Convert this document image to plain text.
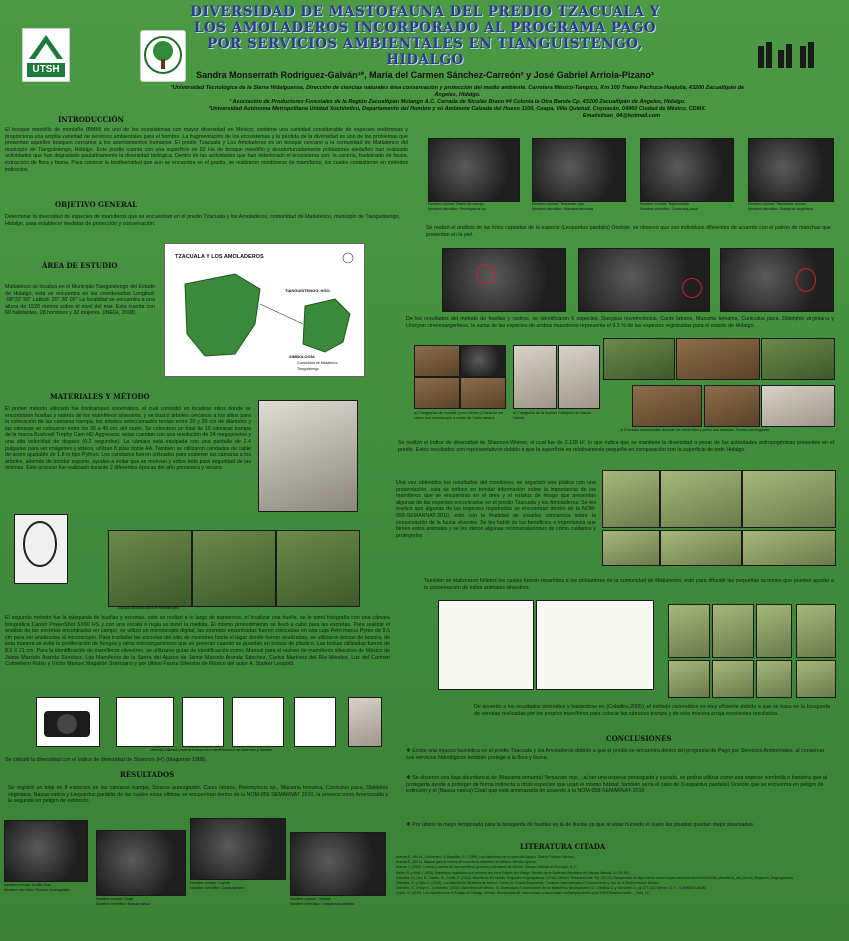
UTSH
DIVERSIDAD DE MASTOFAUNA DEL PREDIO TZACUALA Y LOS AMOLADEROS INCORPORADO AL PROGRAMA PAGO POR SERVICIOS AMBIENTALES EN TIANGUISTENGO, HIDALGO
Sandra Monserrath Rodríguez-Galván¹*, María del Carmen Sánchez-Carreón² y José Gabriel Arriola-Pizano³
¹Universidad Tecnológica de la Sierra Hidalguense, Dirección de ciencias naturales área conservación y protección del medio ambiente. Carretera México-Tampico, Km 100 Tramo Pachuca-Huejutla, 43200 Zacualtipán de Ángeles, Hidalgo.
² Asociación de Productores Forestales de la Región Zacualtipán Molango A.C. Cerrada de Nicolás Bravo #4 Colonia la Otra Banda Cp. 43200 Zacualtipán de Ángeles, Hidalgo.
³Universidad Autónoma Metropolitana Unidad Xochimilco, Departamento del Hombre y su Ambiente Calzada del Hueso 1100, Coapa, Villa Quietud, Coyoacán, 04960 Ciudad de México, CDMX.
Emailsilsan_04@hotmail.com
INTRODUCCIÓN
El bosque mesófilo de montaña (BMM) es uno de los ecosistemas con mayor diversidad en México; contiene una cantidad considerable de especies endémicas y proporciona una amplia variedad de servicios ambientales para el hombre. La fragmentación de los ecosistemas y la pérdida de la diversidad es uno de los problemas que presentan aquellos bosques cercanos a los asentamientos humanos. El predio Tzacuala y Los Amoladeros es un bosque cercano a la comunidad de Matlatenco del municipio de Tianguistengo, Hidalgo. Este predio cuenta con una superficie de 82 Ha de bosque mesófilo y desafortunadamente pobladores aledaños han realizado actividades que han degradado paulatinamente la diversidad biológica. Dentro de las actividades que han deteriorado el ecosistema son: la cacería, tradeinado de fauna, extracción de flora y fauna. Para conocer la biodiversidad que aun se encuentra en el predio, se realizaron monitoreos de mamíferos, los cuales consistieron en métodos indirectos.
Nombre común: Ratón de campo
Nombre científico: Peromyscus sp.
Nombre común: Temazate rojo
Nombre científico: Mazama temama
Nombre común: Tepezcuintle
Nombre científico: Cuniculus paca
Nombre común: Tlacuache común
Nombre científico: Didelphis virginiana
OBJETIVO GENERAL
Determinar la diversidad de especies de mamíferos que se encuentran en el predio Tzacuala y los Amoladeros, comunidad de Matlatenco, municipio de Tianguistengo, Hidalgo, para establecer medidas de protección y conservación.
Se realizó el análisis de las fotos captadas de la especie (Leopardus pardalis) Ocelote, se observó que son individuos diferentes de acuerdo con el patrón de manchas que presentan en la piel.
ÁREA DE ESTUDIO
Matlatenco se localiza en el Municipio Tianguistengo del Estado de Hidalgo, esta se encuentra en las coordenadas Longitud: -98°32' 50" Latitud: 20° 38' 00" La localidad se encuentra a una altura de 1520 metros sobre el nivel del mar. Esta cuenta con 60 habitantes, 28 hombres y 32 mujeres. (INEGI, 2008)
TZACUALA Y LOS AMOLADEROS
TIANGUISTENGO, HGO.
SIMBOLOGÍA
Comunidad de Matlatenco
Tianguistengo
De los resultados del método de huellas y rastros, se identificaron 6 especies. Dasypus novemcinctus, Canis latrans, Mazama temama, Cuniculus paca, Didelphis virginiana y Urocyon cinereoargenteus, la suma de las especies de ambos muestreos representa el 9.5 % de las especies registradas para el estado de Hidalgo.
a) Fotografías de excreta y pelo dentro y fuera de ser vistos con microscopio a mano de Canis latrans
b) Fotografía de la huellas Didelphis de Nasua Narica
c) Excretas encontradas durante los recorridos y pelos con caracas, Sciurus aureogaster.
Se realizó el índice de diversidad de Shannon-Wiener, el cual fue de 2.128 H', lo que indica que se mantiene la diversidad a pesar de las actividades antropogénicas presentes en el predio. Estos resultados son representativos debido a que la superficie es relativamente pequeña en comparación con la superficie de todo Hidalgo.
MATERIALES Y MÉTODO
El primer método utilizado fue fototrampeo sistemático, el cual consistió en localizar sitios donde se encontraron huellas y rastros de los mamíferos silvestres, y se buscó árboles cercanos a los sitios para la colocación de las cámaras trampa, los árboles seleccionados tenían entre 20 y 30 cm de diámetro y las cámaras se colocaron entre los 30 a 40 cm. del suelo. Se colocaron un total de 10 cámaras trampa de la marca Bushnell Trophy Cam HD Aggressor, estas cuentan con una resolución de 24 megapixeles y una alta velocidad de disparo (0.2 segundos). La cámara está equipada con una pantalla de 2.4 pulgadas para ver imágenes y videos, utilizan 8 pilas doble AA. También se utilizaron candados de cable de acero ajustable de 1.8 m tipo Python. Los candados fueron utilizados para sostener las cámaras a los árboles, además de brindar soporte, ayudan a evitar que se muevan y sobre todo para seguridad de las mismas. Este proceso fue realizado durante 2 diferentes épocas del año primavera y verano.
Equipo utilizado para el fototrampeo
El segundo método fue la búsqueda de huellas y excretas, este se realizó a lo largo de transectos, el localizar una huella, se le tomó fotografía con una cámara fotográfica Canon PowerShot SX60 HS y con una escala o regla se tomó la medida. El mismo procedimiento se llevó a cabo para las excretas. Para realizar el análisis de las excretas encontradas en campo, se utilizó un microscopio digital, las excretas encontradas fueron colocadas en una caja Petri marca Pyrex de 9.5 cm para ser analizadas al microscopio. Para trasladar las excretas del sitio de muestreo hasta el lugar donde fueron analizadas, se utilizaron bolsas de basura, de esta manera se evita la proliferación de hongos y otros microorganismos que se generan cuando se guardan en bolsas de plástico. Las bolsas utilizadas fueron de 8.5 X 21 cm. Para la identificación de mamíferos silvestres, se utilizaron guías de identificación como: Manual para el rastreo de mamíferos silvestres de México de Jaime Marcelo Aranda Sánchez, Los Mamíferos de la Sierra del Ajusco de Jaime Marcelo Aranda Sánchez, Carlos Martínez del Río Méndez, Luz del Carmen Colmenero Rolón y Víctor Manuel Magallón Sotérzano y por último Fauna Silvestre de México del autor A. Starker Leopold.
Material utilizado para la búsqueda e identificación de excretas y huellas
Se calculó la diversidad con el índice de diversidad de Shannon (H') (Magurran 1988).
RESULTADOS
Se registró un total de 8 especies en las cámaras trampa, Sciurus aureogaster, Canis latrans, Peromyscus sp., Mazama temama, Cuniculus paca, Didelphis virginiana, Nasua narica y Leopardus pardalis de las cuales estas últimas se encuentran dentro de la NOM-059 SEMARNAT 2010, la primera como Amenazada y la segunda en peligro de extinción.
Nombre común: Ardilla Gris
Nombre científico: Sciurus aureogaster
Nombre común: Coatí
Nombre científico: Nasua narica
Nombre común: Coyote
Nombre científico: Canis latrans
Nombre común: Ocelote
Nombre científico: Leopardus pardalis
Una vez obtenidos los resultados del monitoreo, se organizó una plática con una presentación, esta se enfoco en brindar información sobre la importancia de los mamíferos que se encuentran en el área y el estatus de riesgo que presentan algunas de las especies encontradas en el predio Tzacuala y los Amoladeros. Se les explicó que algunas de las especies registradas se encuentran dentro de la NOM-059-SEMARNAT-2010, esto con la finalidad de crearles conciencia sobre la conservación de la fauna silvestre. Se les habló de los beneficios e importancia que tienen estos animales y se les dieron algunas recomendaciones de cómo cuidarlos y protegerlos
También se elaboraron folletos los cuales fueron repartidos a los pobladores de la comunidad de Matlatenco, esto para difundir las pequeñas acciones que pueden ayudar a la conservación de estos animales silvestres.
De acuerdo a los resultados obtenidos y basándose en (Ceballos,2005), el método sistemático es muy eficiente debido a que se basa en la búsqueda de veredas realizadas por los propios mamíferos para colocar las cámaras trampa y de esta manera arroja excelentes resultados.
CONCLUSIONES
❖ Existe una riqueza faunística en el predio Tzacuala y los Amoladeros debido a que el predio se encuentra dentro del programa de Pago por Servicios Ambientales, al conservar sus servicios hidrológicos también protege a la flora y fauna.
❖ Se observó una baja abundancia de (Mazama temama) Temazate rojo, , al ser una especie perseguida y cazada, se podría utilizar como una especie sombrilla o bandera que al protegerla ayude a proteger de forma indirecta a otras especies que usan el mismo hábitat, también sería el caso de (Leopardus pardalis) Ocelote que se encuentra en peligro de extinción y el (Nasua narica) Coatí que está amenazada de acuerdo a la NOM-059-SEMARNAT-2010
❖ Por último la mejor temporada para la búsqueda de huellas es la de lluvias ya que al estar húmedo el suelo las pisadas quedan mejor plasmadas.
LITERATURA CITADA
Aranda S., Río M., Colmenero, & Magallón, G. ( 1995). Los Mamíferos de la sierra del Ajusco. Distrito Federal: México.
Aranda S. (2012). Manual para el rastreo de mamíferos silvestres de México. México: Apunte.
Aranda J. (2000). Huellas y rastros de los mamíferos grandes y medianos de México. Xalapa: Instituto de Ecología, A. C.
Baker, R. y Wolf. ( 1953). Mamíferos registrados por primera vez en el Estado de Hidalgo. Revista de la Sociedad Mexicana de Historia Natural. 14: 99-100.
Ceballos, G., List, R., Valdes, R., Christ, P. (2010). Mamíferos del mundo: Regiones biogeográficas. (1ª ed.) México: ResearchGate. Pp. (35-70). Recuperado de https://www.researchgate.net/publication/316693436_Mamiferos_del_Mundo_Regiones_biogeograficas
Ceballos, G. y Oliva G. (2005). Los Mamíferos Silvestres de México. Fondo de Cultura Económica, Comisión Nacional para el Conocimiento y Uso de la Biodiversidad: México.
Ceballos, G., Arroyo C., y Medellín. (2002). Mamíferos de México. In: Diversidad y Conservación de los Mamíferos Neotropicales (G. Ceballos G. y Simonetti J.). pp.377-413. México, D. F.: CONABIO-UNAM.
López, N. (2015). Los mamíferos en el Estado de Hidalgo, México. Recuperado de: www.revista.conacyt.unam.mx/theryamx/index.php/THERYA/article/view/..._Hidd_18
